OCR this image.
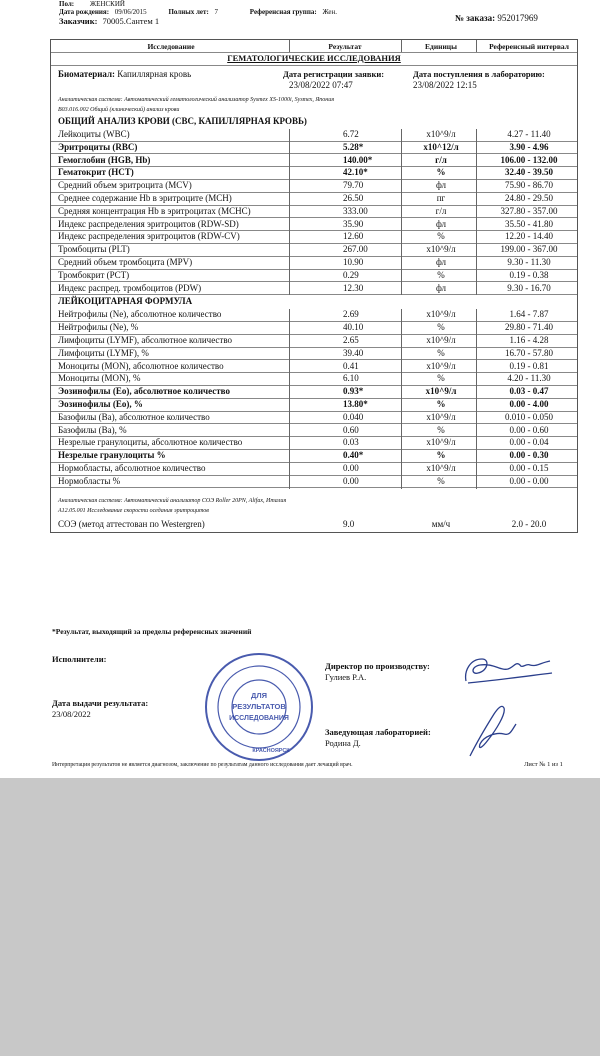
Пол: ЖЕНСКИЙ
Дата рождения: 09/06/2015	Полных лет: 7	Референсная группа: Жен.
Заказчик: 70005.Сантем 1	№ заказа: 952017969
Исследование	Результат	Единицы	Референсный интервал
ГЕМАТОЛОГИЧЕСКИЕ ИССЛЕДОВАНИЯ
Биоматериал: Капиллярная кровь	Дата регистрации заявки:
23/08/2022 07:47
Дата поступления в лабораторию:
23/08/2022 12:15
Аналитическая система: Автоматический гематологический анализатор Sysmex XS-1000i, Sysmex, Япония
B03.016.002 Общий (клинический) анализ крови
ОБЩИЙ АНАЛИЗ КРОВИ (CBC, КАПИЛЛЯРНАЯ КРОВЬ)
Лейкоциты (WBC)	6.72	x10^9/л	4.27 - 11.40
Эритроциты (RBC)	5.28*	x10^12/л	3.90 - 4.96
Гемоглобин (HGB, Hb)	140.00*	г/л	106.00 - 132.00
Гематокрит (HCT)	42.10*	%	32.40 - 39.50
Средний объем эритроцита (MCV)	79.70	фл	75.90 - 86.70
Среднее содержание Hb в эритроците (MCH)	26.50	пг	24.80 - 29.50
Средняя концентрация Hb в эритроцитах (MCHC)	333.00	г/л	327.80 - 357.00
Индекс распределения эритроцитов (RDW-SD)	35.90	фл	35.50 - 41.80
Индекс распределения эритроцитов (RDW-CV)	12.60	%	12.20 - 14.40
Тромбоциты (PLT)	267.00	x10^9/л	199.00 - 367.00
Средний объем тромбоцита (MPV)	10.90	фл	9.30 - 11.30
Тромбокрит (PCT)	0.29	%	0.19 - 0.38
Индекс распред. тромбоцитов (PDW)	12.30	фл	9.30 - 16.70
ЛЕЙКОЦИТАРНАЯ ФОРМУЛА
Нейтрофилы (Ne), абсолютное количество	2.69	x10^9/л	1.64 - 7.87
Нейтрофилы (Ne), %	40.10	%	29.80 - 71.40
Лимфоциты (LYMF), абсолютное количество	2.65	x10^9/л	1.16 - 4.28
Лимфоциты (LYMF), %	39.40	%	16.70 - 57.80
Моноциты (MON), абсолютное количество	0.41	x10^9/л	0.19 - 0.81
Моноциты (MON), %	6.10	%	4.20 - 11.30
Эозинофилы (Eo), абсолютное количество	0.93*	x10^9/л	0.03 - 0.47
Эозинофилы (Eo), %	13.80*	%	0.00 - 4.00
Базофилы (Ba), абсолютное количество	0.040	x10^9/л	0.010 - 0.050
Базофилы (Ba), %	0.60	%	0.00 - 0.60
Незрелые гранулоциты, абсолютное количество	0.03	x10^9/л	0.00 - 0.04
Незрелые гранулоциты %	0.40*	%	0.00 - 0.30
Нормобласты, абсолютное количество	0.00	x10^9/л	0.00 - 0.15
Нормобласты %	0.00	%	0.00 - 0.00
Аналитическая система: Автоматический анализатор СОЭ Roller 20PN, Alifax, Италия
A12.05.001 Исследование скорости оседания эритроцитов
СОЭ (метод аттестован по Westergren)	9.0	мм/ч	2.0 - 20.0
*Результат, выходящий за пределы референсных значений
Исполнители:
Дата выдачи результата:
23/08/2022
Директор по производству:
Гулиев Р.А.
Заведующая лабораторией:
Родина Д.
ДЛЯ
РЕЗУЛЬТАТОВ
ИССЛЕДОВАНИЯ
КРАСНОЯРСК
Интерпретация результатов не является диагнозом, заключение по результатам данного исследования дает лечащий врач.	Лист № 1 из 1
